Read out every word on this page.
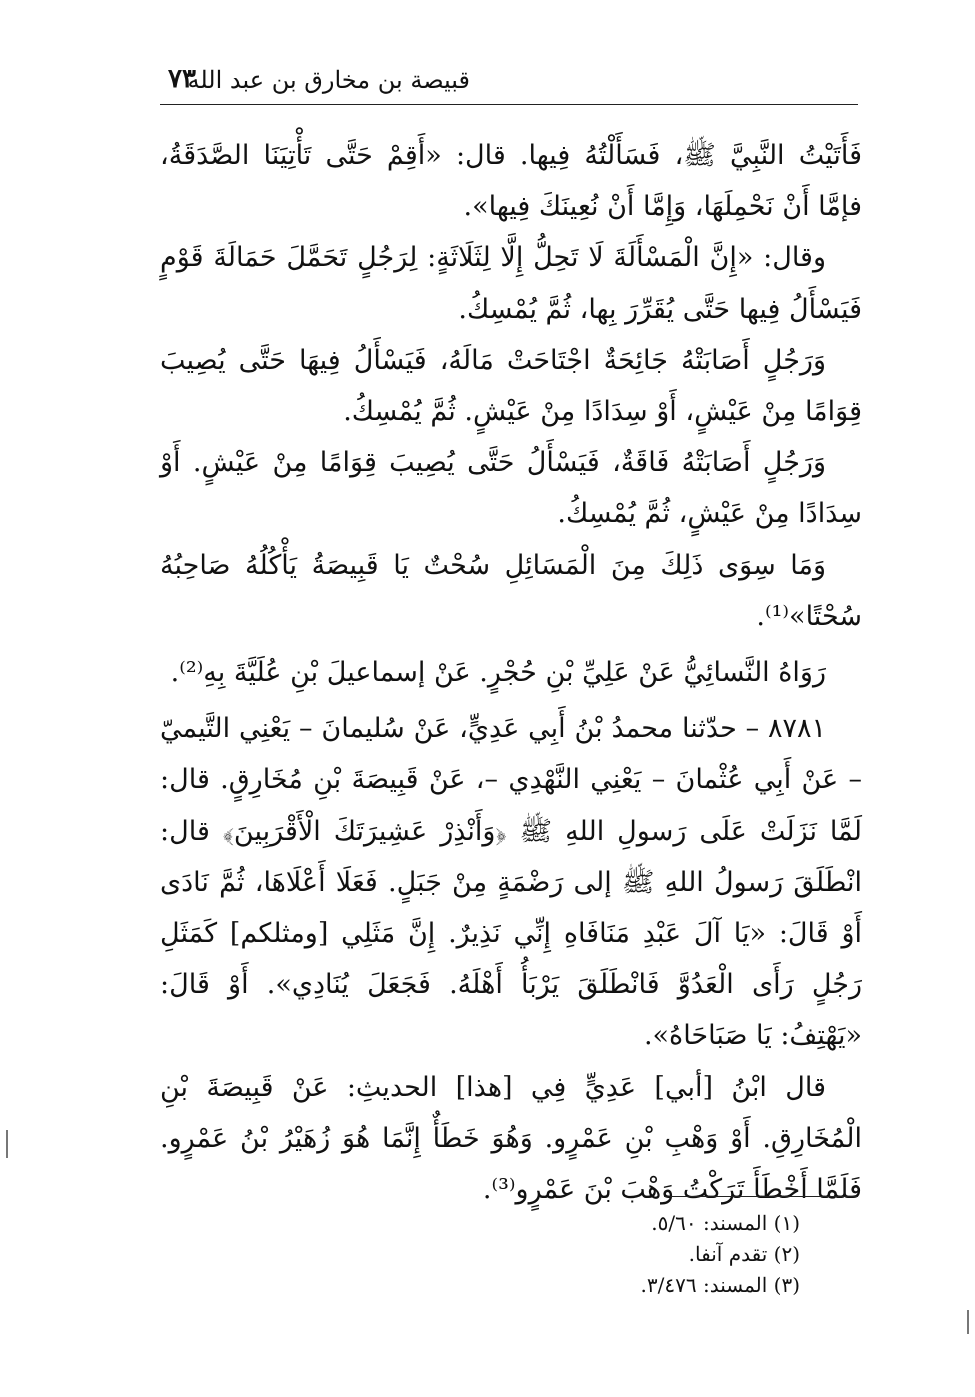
قبيصة بن مخارق بن عبد الله
٧٣

فَأَتَيْتُ النَّبِيَّ ﷺ، فَسَأَلْتُهُ فِيها. قال: «أَقِمْ حَتَّى تَأْتِيَنَا الصَّدَقَةُ، فإمَّا أَنْ نَحْمِلَهَا، وَإِمَّا أَنْ نُعِينَكَ فِيها».

وقال: «إِنَّ الْمَسْأَلَةَ لَا تَحِلُّ إِلَّا لِثَلَاثَةٍ: لِرَجُلٍ تَحَمَّلَ حَمَالَةَ قَوْمٍ فَيَسْأَلُ فِيها حَتَّى يُقَرِّرَ بِها، ثُمَّ يُمْسِكُ.

وَرَجُلٍ أَصَابَتْهُ جَائِحَةٌ اجْتَاحَتْ مَالَهُ، فَيَسْأَلُ فِيهَا حَتَّى يُصِيبَ قِوَامًا مِنْ عَيْشٍ، أَوْ سِدَادًا مِنْ عَيْشٍ. ثُمَّ يُمْسِكُ.

وَرَجُلٍ أَصَابَتْهُ فَاقَةٌ، فَيَسْأَلُ حَتَّى يُصِيبَ قِوَامًا مِنْ عَيْشٍ. أَوْ سِدَادًا مِنْ عَيْشٍ، ثُمَّ يُمْسِكُ.

وَمَا سِوَى ذَلِكَ مِنَ الْمَسَائِلِ سُحْتٌ يَا قَبِيصَةُ يَأْكُلُهُ صَاحِبُهُ سُحْتًا»⁽¹⁾.

رَوَاهُ النَّسائِيُّ عَنْ عَلِيِّ بْنِ حُجْرٍ. عَنْ إسماعيلَ بْنِ عُلَيَّةَ بِهِ⁽²⁾.

٨٧٨١ – حدّثنا محمدُ بْنُ أَبِي عَدِيٍّ، عَنْ سُليمانَ – يَعْنِي التَّيميّ – عَنْ أَبِي عُثْمانَ – يَعْنِي النَّهْدِي –، عَنْ قَبِيصَةَ بْنِ مُخَارِقٍ. قال: لَمَّا نَزَلَتْ عَلَى رَسولِ اللهِ ﷺ ﴿وَأَنْذِرْ عَشِيرَتَكَ الْأَقْرَبِينَ﴾ قال: انْطَلَقَ رَسولُ اللهِ ﷺ إلى رَضْمَةٍ مِنْ جَبَلٍ. فَعَلَا أَعْلَاهَا، ثُمَّ نَادَى أَوْ قَالَ: «يَا آلَ عَبْدِ مَنَافَاهِ إِنِّي نَذِيرٌ. إِنَّ مَثَلِي [ومثلكم] كَمَثَلِ رَجُلٍ رَأَى الْعَدُوَّ فَانْطَلَقَ يَرْبَأُ أَهْلَهُ. فَجَعَلَ يُنَادِي». أَوْ قَالَ: «يَهْتِفُ: يَا صَبَاحَاهُ».

قال ابْنُ [أبي] عَدِيٍّ فِي [هذا] الحديثِ: عَنْ قَبِيصَةَ بْنِ الْمُخَارِقِ. أَوْ وَهْبِ بْنِ عَمْرٍو. وَهُوَ خَطَأٌ إِنَّمَا هُوَ زُهَيْرُ بْنُ عَمْرٍو. فَلَمَّا أَخْطَأَ تَرَكْتُ وَهْبَ بْنَ عَمْرٍو⁽³⁾.

(١) المسند: ٥/٦٠.

(٢) تقدم آنفا.

(٣) المسند: ٣/٤٧٦.
